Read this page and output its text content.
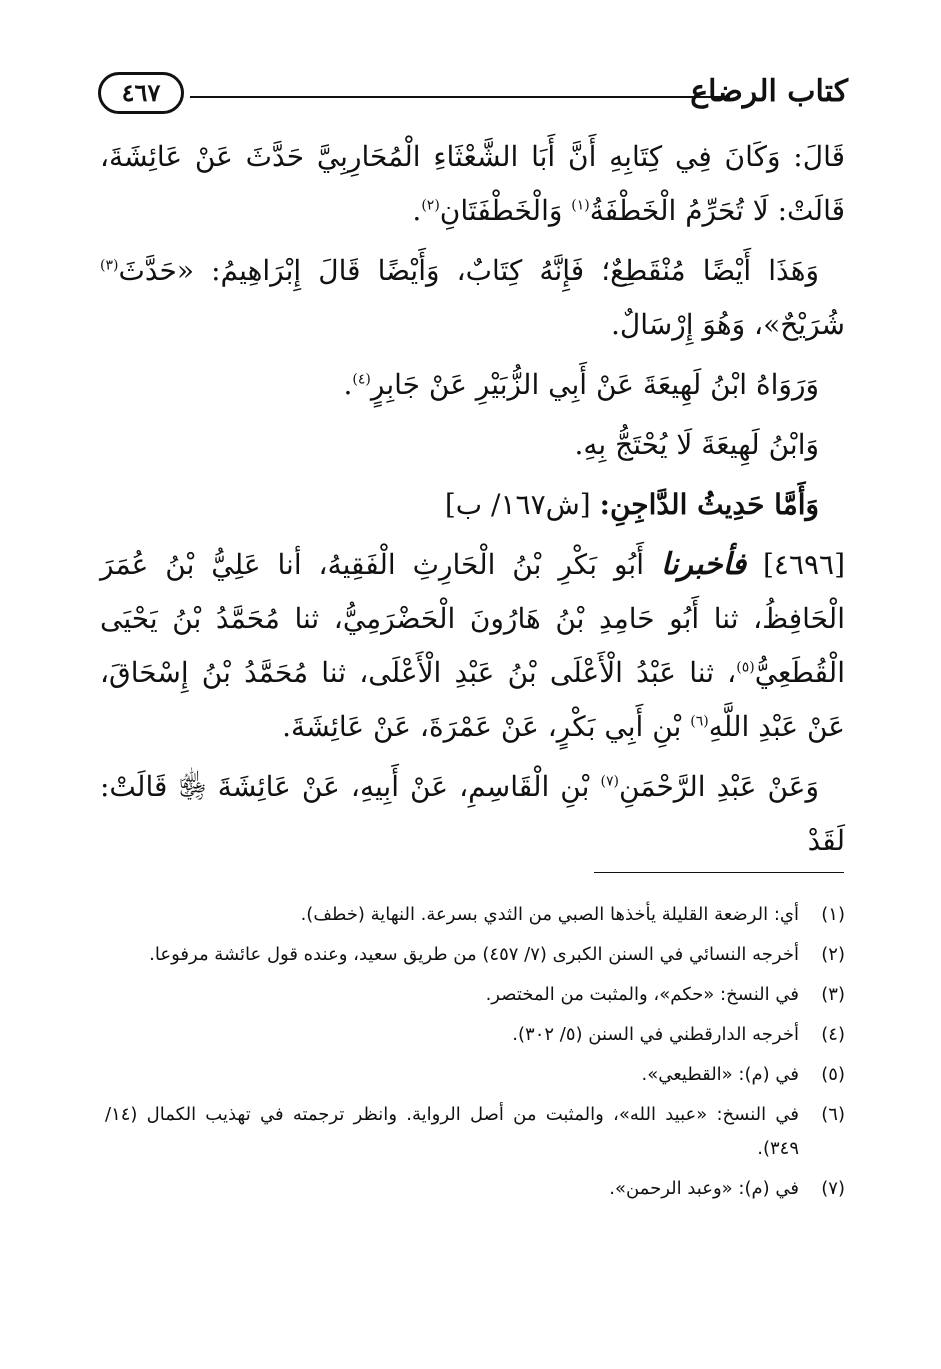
كتاب الرضاع
٤٦٧

قَالَ: وَكَانَ فِي كِتَابِهِ أَنَّ أَبَا الشَّعْثَاءِ الْمُحَارِبِيَّ حَدَّثَ عَنْ عَائِشَةَ، قَالَتْ: لَا تُحَرِّمُ الْخَطْفَةُ$^{(١)}$ وَالْخَطْفَتَانِ$^{(٢)}$.

وَهَذَا أَيْضًا مُنْقَطِعٌ؛ فَإِنَّهُ كِتَابٌ، وَأَيْضًا قَالَ إِبْرَاهِيمُ: «حَدَّثَ$^{(٣)}$ شُرَيْحٌ»، وَهُوَ إِرْسَالٌ.

وَرَوَاهُ ابْنُ لَهِيعَةَ عَنْ أَبِي الزُّبَيْرِ عَنْ جَابِرٍ$^{(٤)}$.

وَابْنُ لَهِيعَةَ لَا يُحْتَجُّ بِهِ.

وَأَمَّا حَدِيثُ الدَّاجِنِ: [ش١٦٧/ ب]

[٤٦٩٦] فأخبرنا أَبُو بَكْرِ بْنُ الْحَارِثِ الْفَقِيهُ، أنا عَلِيُّ بْنُ عُمَرَ الْحَافِظُ، ثنا أَبُو حَامِدِ بْنُ هَارُونَ الْحَضْرَمِيُّ، ثنا مُحَمَّدُ بْنُ يَحْيَى الْقُطَعِيُّ$^{(٥)}$، ثنا عَبْدُ الْأَعْلَى بْنُ عَبْدِ الْأَعْلَى، ثنا مُحَمَّدُ بْنُ إِسْحَاقَ، عَنْ عَبْدِ اللَّهِ$^{(٦)}$ بْنِ أَبِي بَكْرٍ، عَنْ عَمْرَةَ، عَنْ عَائِشَةَ.

وَعَنْ عَبْدِ الرَّحْمَنِ$^{(٧)}$ بْنِ الْقَاسِمِ، عَنْ أَبِيهِ، عَنْ عَائِشَةَ ﵂ قَالَتْ: لَقَدْ

(١)
أي: الرضعة القليلة يأخذها الصبي من الثدي بسرعة. النهاية (خطف).
(٢)
أخرجه النسائي في السنن الكبرى (٧/ ٤٥٧) من طريق سعيد، وعنده قول عائشة مرفوعا.
(٣)
في النسخ: «حكم»، والمثبت من المختصر.
(٤)
أخرجه الدارقطني في السنن (٥/ ٣٠٢).
(٥)
في (م): «القطيعي».
(٦)
في النسخ: «عبيد الله»، والمثبت من أصل الرواية. وانظر ترجمته في تهذيب الكمال (١٤/ ٣٤٩).
(٧)
في (م): «وعبد الرحمن».
